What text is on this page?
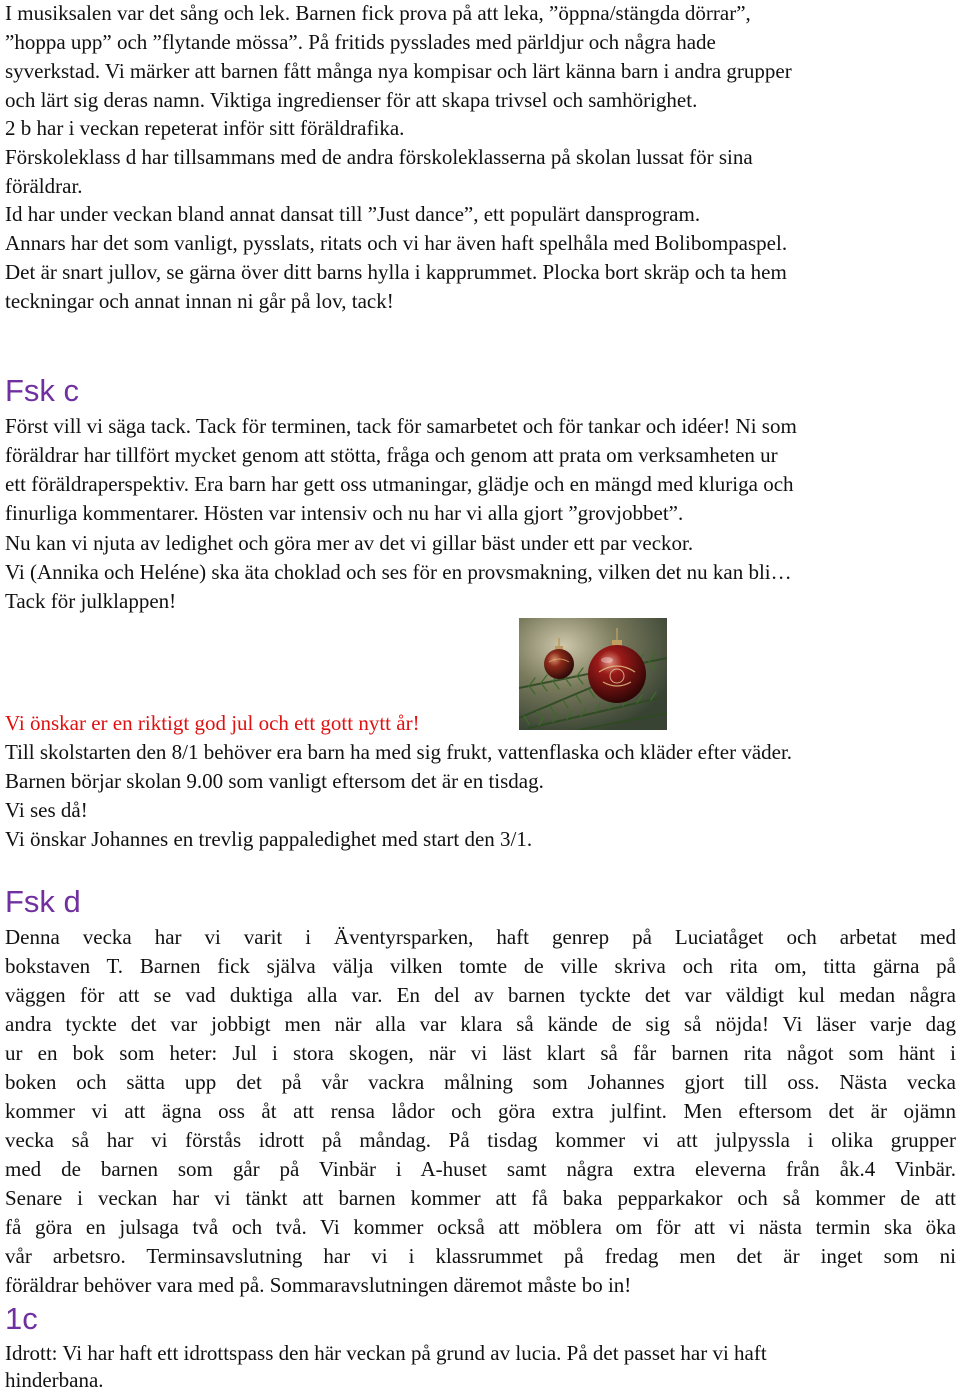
I musiksalen var det sång och lek. Barnen fick prova på att leka, ”öppna/stängda dörrar”,

”hoppa upp” och ”flytande mössa”. På fritids pysslades med pärldjur och några hade

syverkstad. Vi märker att barnen fått många nya kompisar och lärt känna barn i andra grupper

och lärt sig deras namn. Viktiga ingredienser för att skapa trivsel och samhörighet.

2 b har i veckan repeterat inför sitt föräldrafika.

Förskoleklass d har tillsammans med de andra förskoleklasserna på skolan lussat för sina

föräldrar.

Id har under veckan bland annat dansat till ”Just dance”, ett populärt dansprogram.

Annars har det som vanligt, pysslats, ritats och vi har även haft spelhåla med Bolibompaspel.

Det är snart jullov, se gärna över ditt barns hylla i kapprummet. Plocka bort skräp och ta hem

teckningar och annat innan ni går på lov, tack!

Fsk c

Först vill vi säga tack. Tack för terminen, tack för samarbetet och för tankar och idéer! Ni som

föräldrar har tillfört mycket genom att stötta, fråga och genom att prata om verksamheten ur

ett föräldraperspektiv. Era barn har gett oss utmaningar, glädje och en mängd med kluriga och

finurliga kommentarer. Hösten var intensiv och nu har vi alla gjort ”grovjobbet”.

Nu kan vi njuta av ledighet och göra mer av det vi gillar bäst under ett par veckor.

Vi (Annika och Heléne) ska äta choklad och ses för en provsmakning, vilken det nu kan bli…

Tack för julklappen!

Vi önskar er en riktigt god jul och ett gott nytt år!

Till skolstarten den 8/1 behöver era barn ha med sig frukt, vattenflaska och kläder efter väder.

Barnen börjar skolan 9.00 som vanligt eftersom det är en tisdag.

Vi ses då!

Vi önskar Johannes en trevlig pappaledighet med start den 3/1.

Fsk d

Denna vecka har vi varit i Äventyrsparken, haft genrep på Luciatåget och arbetat med

bokstaven T. Barnen fick själva välja vilken tomte de ville skriva och rita om, titta gärna på

väggen för att se vad duktiga alla var. En del av barnen tyckte det var väldigt kul medan några

andra tyckte det var jobbigt men när alla var klara så kände de sig så nöjda! Vi läser varje dag

ur en bok som heter: Jul i stora skogen, när vi läst klart så får barnen rita något som hänt i

boken och sätta upp det på vår vackra målning som Johannes gjort till oss. Nästa vecka

kommer vi att ägna oss åt att rensa lådor och göra extra julfint. Men eftersom det är ojämn

vecka så har vi förstås idrott på måndag. På tisdag kommer vi att julpyssla i olika grupper

med de barnen som går på Vinbär i A-huset samt några extra eleverna från åk.4 Vinbär.

Senare i veckan har vi tänkt att barnen kommer att få baka pepparkakor och så kommer de att

få göra en julsaga två och två. Vi kommer också att möblera om för att vi nästa termin ska öka

vår arbetsro. Terminsavslutning har vi i klassrummet på fredag men det är inget som ni

föräldrar behöver vara med på. Sommaravslutningen däremot måste bo in!

1c

Idrott: Vi har haft ett idrottspass den här veckan på grund av lucia. På det passet har vi haft

hinderbana.
